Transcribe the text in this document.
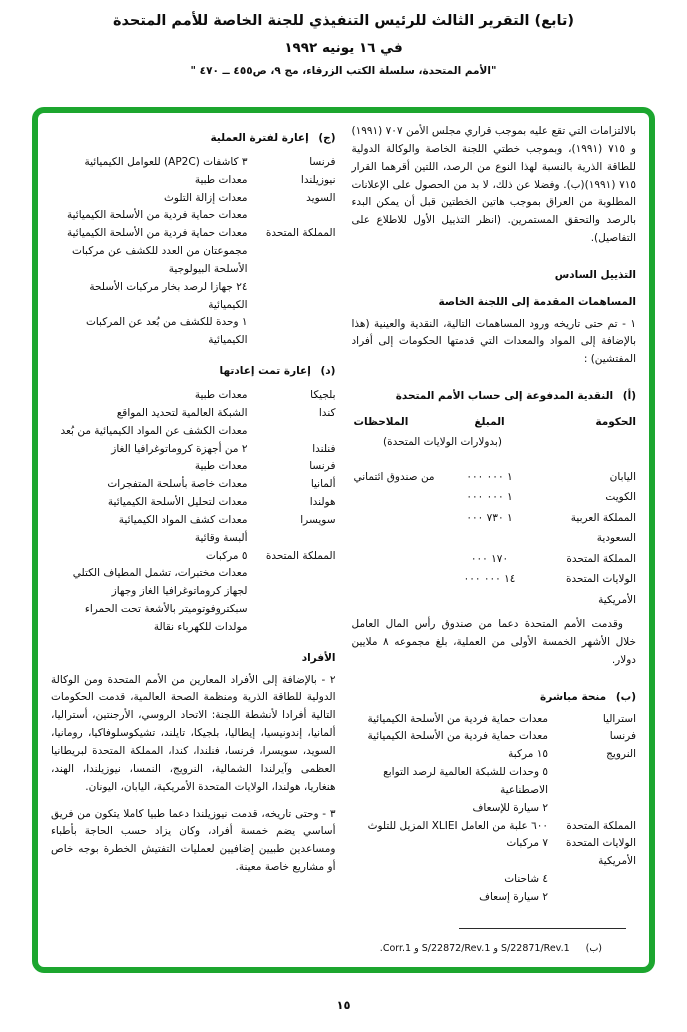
(تابع) التقرير الثالث للرئيس التنفيذي للجنة الخاصة للأمم المتحدة
في ١٦ يونيه ١٩٩٢
"الأمم المتحدة، سلسلة الكتب الزرقاء، مج ٩، ص٤٥٥ ــ ٤٧٠ "

بالالتزامات التي تقع عليه بموجب قراري مجلس الأمن ٧٠٧ (١٩٩١) و ٧١٥ (١٩٩١)، وبموجب خطتي اللجنة الخاصة والوكالة الدولية للطاقة الذرية بالنسبة لهذا النوع من الرصد، اللتين أقرهما القرار ٧١٥ (١٩٩١)(ب). وفضلا عن ذلك، لا بد من الحصول على الإعلانات المطلوبة من العراق بموجب هاتين الخطتين قبل أن يمكن البدء بالرصد والتحقق المستمرين. (انظر التذييل الأول للاطلاع على التفاصيل).

التذييل السادس
المساهمات المقدمة إلى اللجنة الخاصة

١ - تم حتى تاريخه ورود المساهمات التالية، النقدية والعينية (هذا بالإضافة إلى المواد والمعدات التي قدمتها الحكومات إلى أفراد المفتشين) :

(أ) النقدية المدفوعة إلى حساب الأمم المتحدة
الحكومة
المبلغ
الملاحظات
(بدولارات الولايات المتحدة)
اليابان
١ ٠٠٠ ٠٠٠
من صندوق ائتماني
الكويت
١ ٠٠٠ ٠٠٠
المملكة العربية السعودية
١ ٧٣٠ ٠٠٠
المملكة المتحدة
١٧٠ ٠٠٠
الولايات المتحدة الأمريكية
١٤ ٠٠٠ ٠٠٠

وقدمت الأمم المتحدة دعما من صندوق رأس المال العامل خلال الأشهر الخمسة الأولى من العملية، بلغ مجموعه ٨ ملايين دولار.

(ب) منحة مباشرة
استراليا
معدات حماية فردية من الأسلحة الكيميائية
فرنسا
معدات حماية فردية من الأسلحة الكيميائية
النرويج
١٥ مركبة
٥ وحدات للشبكة العالمية لرصد التوابع الاصطناعية
٢ سيارة للإسعاف
المملكة المتحدة
٦٠٠ علبة من العامل XLIEI المزيل للتلوث
الولايات المتحدة الأمريكية
٧ مركبات
٤ شاحنات
٢ سيارة إسعاف
(ب)
S/22871/Rev.1 و S/22872/Rev.1 و Corr.1.
(ج) إعارة لفترة العملية
فرنسا
٣ كاشفات (AP2C) للعوامل الكيميائية
نيوزيلندا
معدات طبية
السويد
معدات إزالة التلوث
معدات حماية فردية من الأسلحة الكيميائية
المملكة المتحدة
معدات حماية فردية من الأسلحة الكيميائية
مجموعتان من العدد للكشف عن مركبات الأسلحة البيولوجية
٢٤ جهازا لرصد بخار مركبات الأسلحة الكيميائية
١ وحدة للكشف من بُعد عن المركبات الكيميائية
(د) إعارة تمت إعادتها
بلجيكا
معدات طبية
كندا
الشبكة العالمية لتحديد المواقع
معدات الكشف عن المواد الكيميائية من بُعد
فنلندا
٢ من أجهزة كروماتوغرافيا الغاز
فرنسا
معدات طبية
ألمانيا
معدات خاصة بأسلحة المتفجرات
هولندا
معدات لتحليل الأسلحة الكيميائية
سويسرا
معدات كشف المواد الكيميائية
ألبسة وقائية
المملكة المتحدة
٥ مركبات
معدات مختبرات، تشمل المطياف الكتلي لجهاز كروماتوغرافيا الغاز وجهاز سبكتروفوتوميتر بالأشعة تحت الحمراء
مولدات للكهرباء نقالة
الأفراد

٢ - بالإضافة إلى الأفراد المعارين من الأمم المتحدة ومن الوكالة الدولية للطاقة الذرية ومنظمة الصحة العالمية، قدمت الحكومات التالية أفرادا لأنشطة اللجنة: الاتحاد الروسي، الأرجنتين، أستراليا، ألمانيا، إندونيسيا، إيطاليا، بلجيكا، تايلند، تشيكوسلوفاكيا، رومانيا، السويد، سويسرا، فرنسا، فنلندا، كندا، المملكة المتحدة لبريطانيا العظمى وآيرلندا الشمالية، النرويج، النمسا، نيوزيلندا، الهند، هنغاريا، هولندا، الولايات المتحدة الأمريكية، اليابان، اليونان.

٣ - وحتى تاريخه، قدمت نيوزيلندا دعما طبيا كاملا يتكون من فريق أساسي يضم خمسة أفراد، وكان يزاد حسب الحاجة بأطباء ومساعدين طبيين إضافيين لعمليات التفتيش الخطرة بوجه خاص أو مشاريع خاصة معينة.

١٥
